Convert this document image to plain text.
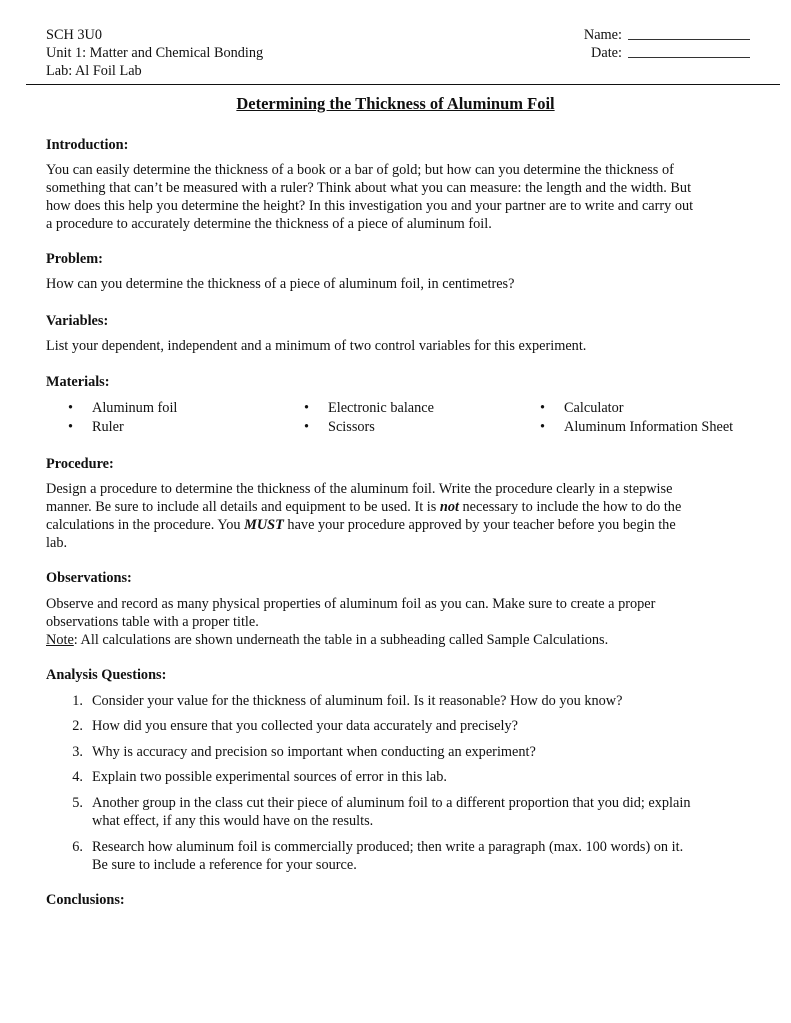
SCH 3U0
Unit 1: Matter and Chemical Bonding
Lab: Al Foil Lab
Name:
Date:
Determining the Thickness of Aluminum Foil
Introduction:
You can easily determine the thickness of a book or a bar of gold; but how can you determine the thickness of
something that can’t be measured with a ruler? Think about what you can measure: the length and the width. But
how does this help you determine the height? In this investigation you and your partner are to write and carry out
a procedure to accurately determine the thickness of a piece of aluminum foil.
Problem:
How can you determine the thickness of a piece of aluminum foil, in centimetres?
Variables:
List your dependent, independent and a minimum of two control variables for this experiment.
Materials:
•Aluminum foil
•Ruler
•Electronic balance
•Scissors
•Calculator
•Aluminum Information Sheet
Procedure:
Design a procedure to determine the thickness of the aluminum foil. Write the procedure clearly in a stepwise
manner. Be sure to include all details and equipment to be used. It is not necessary to include the how to do the
calculations in the procedure. You MUST have your procedure approved by your teacher before you begin the
lab.
Observations:
Observe and record as many physical properties of aluminum foil as you can. Make sure to create a proper
observations table with a proper title.
Note: All calculations are shown underneath the table in a subheading called Sample Calculations.
Analysis Questions:
1. Consider your value for the thickness of aluminum foil. Is it reasonable? How do you know?
2. How did you ensure that you collected your data accurately and precisely?
3. Why is accuracy and precision so important when conducting an experiment?
4. Explain two possible experimental sources of error in this lab.
5. Another group in the class cut their piece of aluminum foil to a different proportion that you did; explain
what effect, if any this would have on the results.
6. Research how aluminum foil is commercially produced; then write a paragraph (max. 100 words) on it.
Be sure to include a reference for your source.
Conclusions:
